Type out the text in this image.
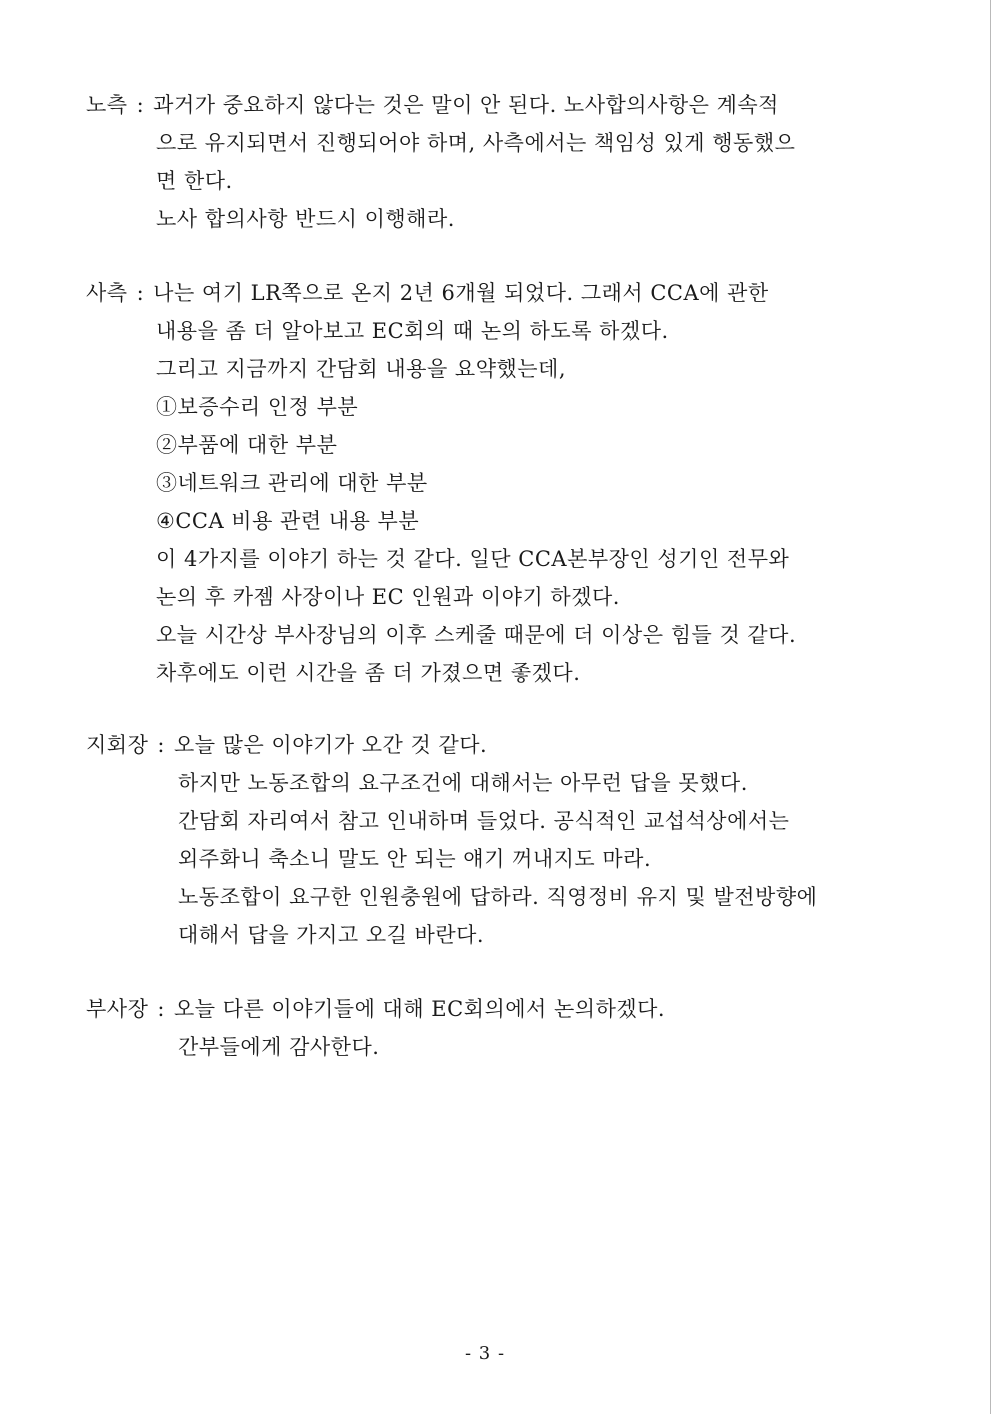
노측 : 과거가 중요하지 않다는 것은 말이 안 된다. 노사합의사항은 계속적
으로 유지되면서 진행되어야 하며, 사측에서는 책임성 있게 행동했으
면 한다.
노사 합의사항 반드시 이행해라.
사측 : 나는 여기 LR쪽으로 온지 2년 6개월 되었다. 그래서 CCA에 관한
내용을 좀 더 알아보고 EC회의 때 논의 하도록 하겠다.
그리고 지금까지 간담회 내용을 요약했는데,
①보증수리 인정 부분
②부품에 대한 부분
③네트워크 관리에 대한 부분
④CCA 비용 관련 내용 부분
이 4가지를 이야기 하는 것 같다. 일단 CCA본부장인 성기인 전무와
논의 후 카젬 사장이나 EC 인원과 이야기 하겠다.
오늘 시간상 부사장님의 이후 스케줄 때문에 더 이상은 힘들 것 같다.
차후에도 이런 시간을 좀 더 가졌으면 좋겠다.
지회장 : 오늘 많은 이야기가 오간 것 같다.
하지만 노동조합의 요구조건에 대해서는 아무런 답을 못했다.
간담회 자리여서 참고 인내하며 들었다. 공식적인 교섭석상에서는
외주화니 축소니 말도 안 되는 얘기 꺼내지도 마라.
노동조합이 요구한 인원충원에 답하라. 직영정비 유지 및 발전방향에
대해서 답을 가지고 오길 바란다.
부사장 : 오늘 다른 이야기들에 대해 EC회의에서 논의하겠다.
간부들에게 감사한다.
- 3 -
